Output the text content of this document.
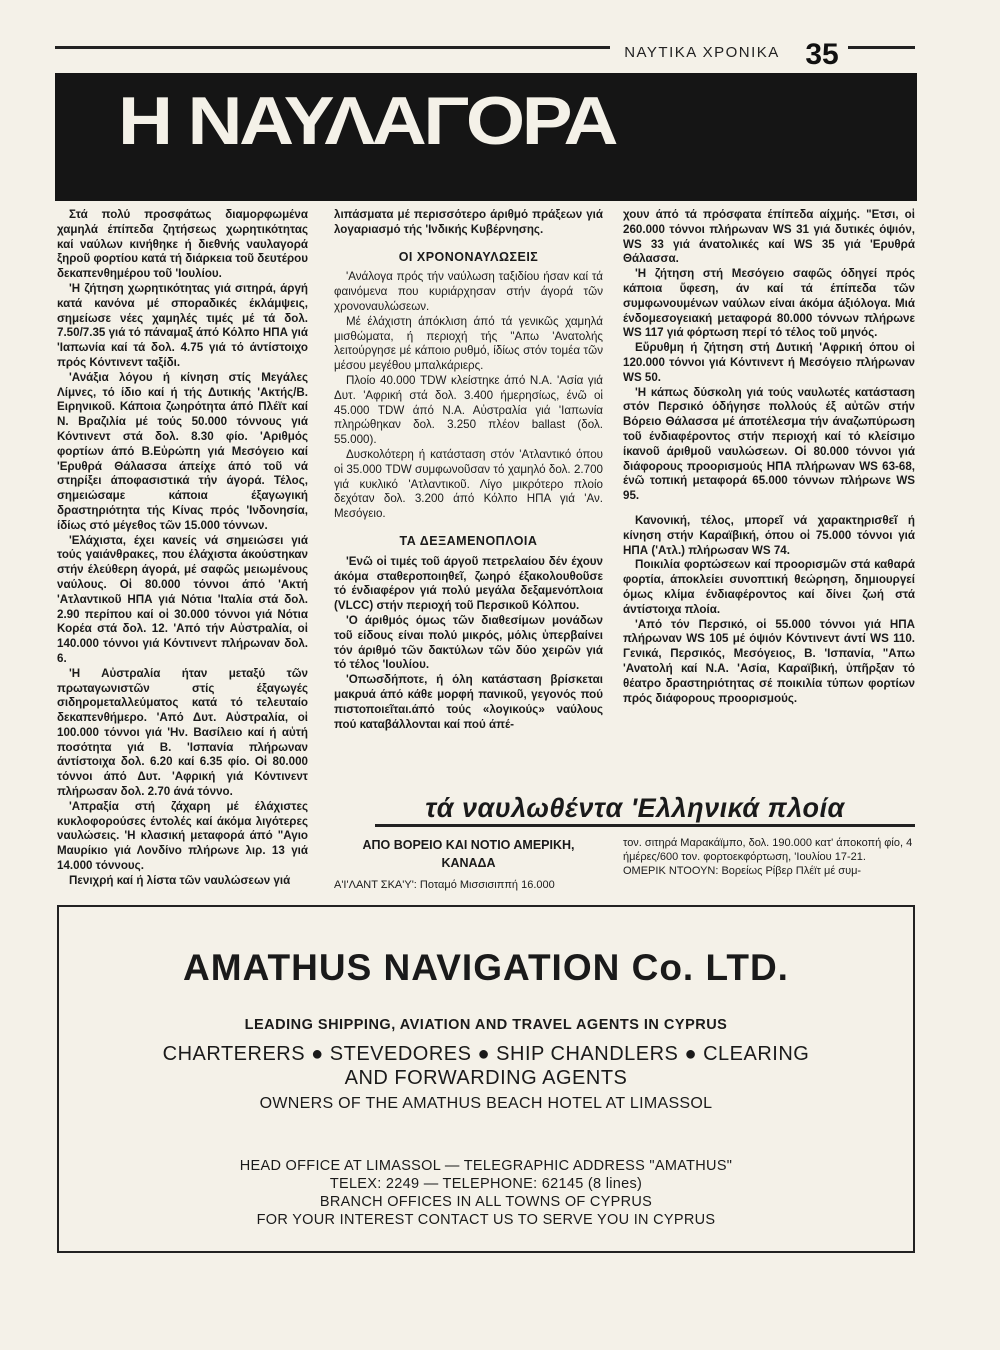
ΝΑΥΤΙΚΑ ΧΡΟΝΙΚΑ 35
Η ΝΑΥΛΑΓΟΡΑ

Στά πολύ προσφάτως διαμορφωμένα χαμηλά έπίπεδα ζητήσεως χωρητικότητας καί ναύλων κινήθηκε ή διεθνής ναυλαγορά ξηροῦ φορτίου κατά τή διάρκεια τοῦ δευτέρου δεκαπενθημέρου τοῦ 'Ιουλίου.

'Η ζήτηση χωρητικότητας γιά σιτηρά, άργή κατά κανόνα μέ σποραδικές έκλάμψεις, σημείωσε νέες χαμηλές τιμές μέ τά δολ. 7.50/7.35 γιά τό πάναμαξ άπό Κόλπο ΗΠΑ γιά 'Ιαπωνία καί τά δολ. 4.75 γιά τό άντίστοιχο πρός Κόντινεντ ταξίδι.

'Ανάξια λόγου ή κίνηση στίς Μεγάλες Λίμνες, τό ίδιο καί ή τής Δυτικής 'Ακτής/Β. Ειρηνικοῦ. Κάποια ζωηρότητα άπό Πλέϊτ καί Ν. Βραζιλία μέ τούς 50.000 τόννους γιά Κόντινεντ στά δολ. 8.30 φίο. 'Αριθμός φορτίων άπό Β.Εὐρώπη γιά Μεσόγειο καί 'Ερυθρά Θάλασσα άπείχε άπό τοῦ νά στηρίξει άποφασιστικά τήν άγορά. Τέλος, σημειώσαμε κάποια έξαγωγική δραστηριότητα τής Κίνας πρός 'Ινδονησία, ίδίως στό μέγεθος τῶν 15.000 τόννων.

'Ελάχιστα, έχει κανείς νά σημειώσει γιά τούς γαιάνθρακες, που έλάχιστα άκούστηκαν στήν έλεύθερη άγορά, μέ σαφῶς μειωμένους ναύλους. Οἱ 80.000 τόννοι άπό 'Ακτή 'Ατλαντικοῦ ΗΠΑ γιά Νότια 'Ιταλία στά δολ. 2.90 περίπου καί οἱ 30.000 τόννοι γιά Νότια Κορέα στά δολ. 12. 'Από τήν Αὐστραλία, οἱ 140.000 τόννοι γιά Κόντινεντ πλήρωναν δολ. 6.

'Η Αὐστραλία ήταν μεταξύ τῶν πρωταγωνιστῶν στίς έξαγωγές σιδηρομεταλλεύματος κατά τό τελευταίο δεκαπενθήμερο. 'Από Δυτ. Αὐστραλία, οἱ 100.000 τόννοι γιά 'Ην. Βασίλειο καί ή αὐτή ποσότητα γιά Β. 'Ισπανία πλήρωναν άντίστοιχα δολ. 6.20 καί 6.35 φίο. Οἱ 80.000 τόννοι άπό Δυτ. 'Αφρική γιά Κόντινεντ πλήρωσαν δολ. 2.70 άνά τόννο.

'Απραξία στή ζάχαρη μέ έλάχιστες κυκλοφορούσες έντολές καί άκόμα λιγότερες ναυλώσεις. 'Η κλασική μεταφορά άπό "Αγιο Μαυρίκιο γιά Λονδίνο πλήρωνε λιρ. 13 γιά 14.000 τόννους.

Πενιχρή καί ή λίστα τῶν ναυλώσεων γιά

λιπάσματα μέ περισσότερο άριθμό πράξεων γιά λογαριασμό τής 'Ινδικής Κυβέρνησης.

ΟΙ ΧΡΟΝΟΝΑΥΛΩΣΕΙΣ

'Ανάλογα πρός τήν ναύλωση ταξιδίου ήσαν καί τά φαινόμενα που κυριάρχησαν στήν άγορά τῶν χρονοναυλώσεων.

Μέ έλάχιστη άπόκλιση άπό τά γενικῶς χαμηλά μισθώματα, ή περιοχή τής "Απω 'Ανατολής λειτούργησε μέ κάποιο ρυθμό, ίδίως στόν τομέα τῶν μέσου μεγέθου μπαλκάριερς.

Πλοίο 40.000 TDW κλείστηκε άπό Ν.Α. 'Ασία γιά Δυτ. 'Αφρική στά δολ. 3.400 ήμερησίως, ένῶ οἱ 45.000 TDW άπό Ν.Α. Αὐστραλία γιά 'Ιαπωνία πληρώθηκαν δολ. 3.250 πλέον ballast (δολ. 55.000).

Δυσκολότερη ή κατάσταση στόν 'Ατλαντικό όπου οἱ 35.000 TDW συμφωνοῦσαν τό χαμηλό δολ. 2.700 γιά κυκλικό 'Ατλαντικοῦ. Λίγο μικρότερο πλοίο δεχόταν δολ. 3.200 άπό Κόλπο ΗΠΑ γιά 'Αν. Μεσόγειο.

ΤΑ ΔΕΞΑΜΕΝΟΠΛΟΙΑ

'Ενῶ οἱ τιμές τοῦ άργοῦ πετρελαίου δέν έχουν άκόμα σταθεροποιηθεῖ, ζωηρό έξακολουθοῦσε τό ένδιαφέρον γιά πολύ μεγάλα δεξαμενόπλοια (VLCC) στήν περιοχή τοῦ Περσικοῦ Κόλπου.

'Ο άριθμός όμως τῶν διαθεσίμων μονάδων τοῦ είδους είναι πολύ μικρός, μόλις ὑπερβαίνει τόν άριθμό τῶν δακτύλων τῶν δύο χειρῶν γιά τό τέλος 'Ιουλίου.

'Οπωσδήποτε, ή όλη κατάσταση βρίσκεται μακρυά άπό κάθε μορφή πανικοῦ, γεγονός πού πιστοποιεῖται.άπό τούς «λογικούς» ναύλους πού καταβάλλονται καί πού άπέ-

χουν άπό τά πρόσφατα έπίπεδα αίχμής. "Ετσι, οἱ 260.000 τόννοι πλήρωναν WS 31 γιά δυτικές όψιόν, WS 33 γιά άνατολικές καί WS 35 γιά 'Ερυθρά Θάλασσα.

'Η ζήτηση στή Μεσόγειο σαφῶς όδηγεί πρός κάποια ὕφεση, άν καί τά έπίπεδα τῶν συμφωνουμένων ναύλων είναι άκόμα άξιόλογα. Μιά ένδομεσογειακή μεταφορά 80.000 τόννων πλήρωνε WS 117 γιά φόρτωση περί τό τέλος τοῦ μηνός.

Εὔρυθμη ή ζήτηση στή Δυτική 'Αφρική όπου οἱ 120.000 τόννοι γιά Κόντινεντ ή Μεσόγειο πλήρωναν WS 50.

'Η κάπως δύσκολη γιά τούς ναυλωτές κατάσταση στόν Περσικό όδήγησε πολλούς έξ αὐτῶν στήν Βόρειο Θάλασσα μέ άποτέλεσμα τήν άναζωπύρωση τοῦ ένδιαφέροντος στήν περιοχή καί τό κλείσιμο ίκανοῦ άριθμοῦ ναυλώσεων. Οἱ 80.000 τόννοι γιά διάφορους προορισμούς ΗΠΑ πλήρωναν WS 63-68, ένῶ τοπική μεταφορά 65.000 τόννων πλήρωνε WS 95.

Κανονική, τέλος, μπορεῖ νά χαρακτηρισθεῖ ή κίνηση στήν Καραϊβική, όπου οἱ 75.000 τόννοι γιά ΗΠΑ ('Ατλ.) πλήρωσαν WS 74.

Ποικιλία φορτώσεων καί προορισμῶν στά καθαρά φορτία, άποκλείει συνοπτική θεώρηση, δημιουργεί όμως κλίμα ένδιαφέροντος καί δίνει ζωή στά άντίστοιχα πλοία.

'Από τόν Περσικό, οἱ 55.000 τόννοι γιά ΗΠΑ πλήρωναν WS 105 μέ όψιόν Κόντινεντ άντί WS 110. Γενικά, Περσικός, Μεσόγειος, Β. 'Ισπανία, "Απω 'Ανατολή καί Ν.Α. 'Ασία, Καραϊβική, ὑπῆρξαν τό θέατρο δραστηριότητας σέ ποικιλία τύπων φορτίων πρός διάφορους προορισμούς.

τά ναυλωθέντα 'Ελληνικά πλοία
ΑΠΟ ΒΟΡΕΙΟ ΚΑΙ ΝΟΤΙΟ ΑΜΕΡΙΚΗ,
ΚΑΝΑΔΑ
Α'Ι'ΛΑΝΤ ΣΚΑ'Υ': Ποταμό Μισσισιππή 16.000

τον. σιτηρά Μαρακάϊμπο, δολ. 190.000 κατ' άποκοπή φίο, 4 ήμέρες/600 τον. φορτοεκφόρτωση, 'Ιουλίου 17-21.

ΟΜΕΡΙΚ ΝΤΟΟΥΝ: Βορείως Ρίβερ Πλέϊτ μέ συμ-

AMATHUS NAVIGATION Co. LTD.
LEADING SHIPPING, AVIATION AND TRAVEL AGENTS IN CYPRUS
CHARTERERS ● STEVEDORES ● SHIP CHANDLERS ● CLEARING
AND FORWARDING AGENTS
OWNERS OF THE AMATHUS BEACH HOTEL AT LIMASSOL
HEAD OFFICE AT LIMASSOL — TELEGRAPHIC ADDRESS "AMATHUS"
TELEX: 2249 — TELEPHONE: 62145 (8 lines)
BRANCH OFFICES IN ALL TOWNS OF CYPRUS
FOR YOUR INTEREST CONTACT US TO SERVE YOU IN CYPRUS
